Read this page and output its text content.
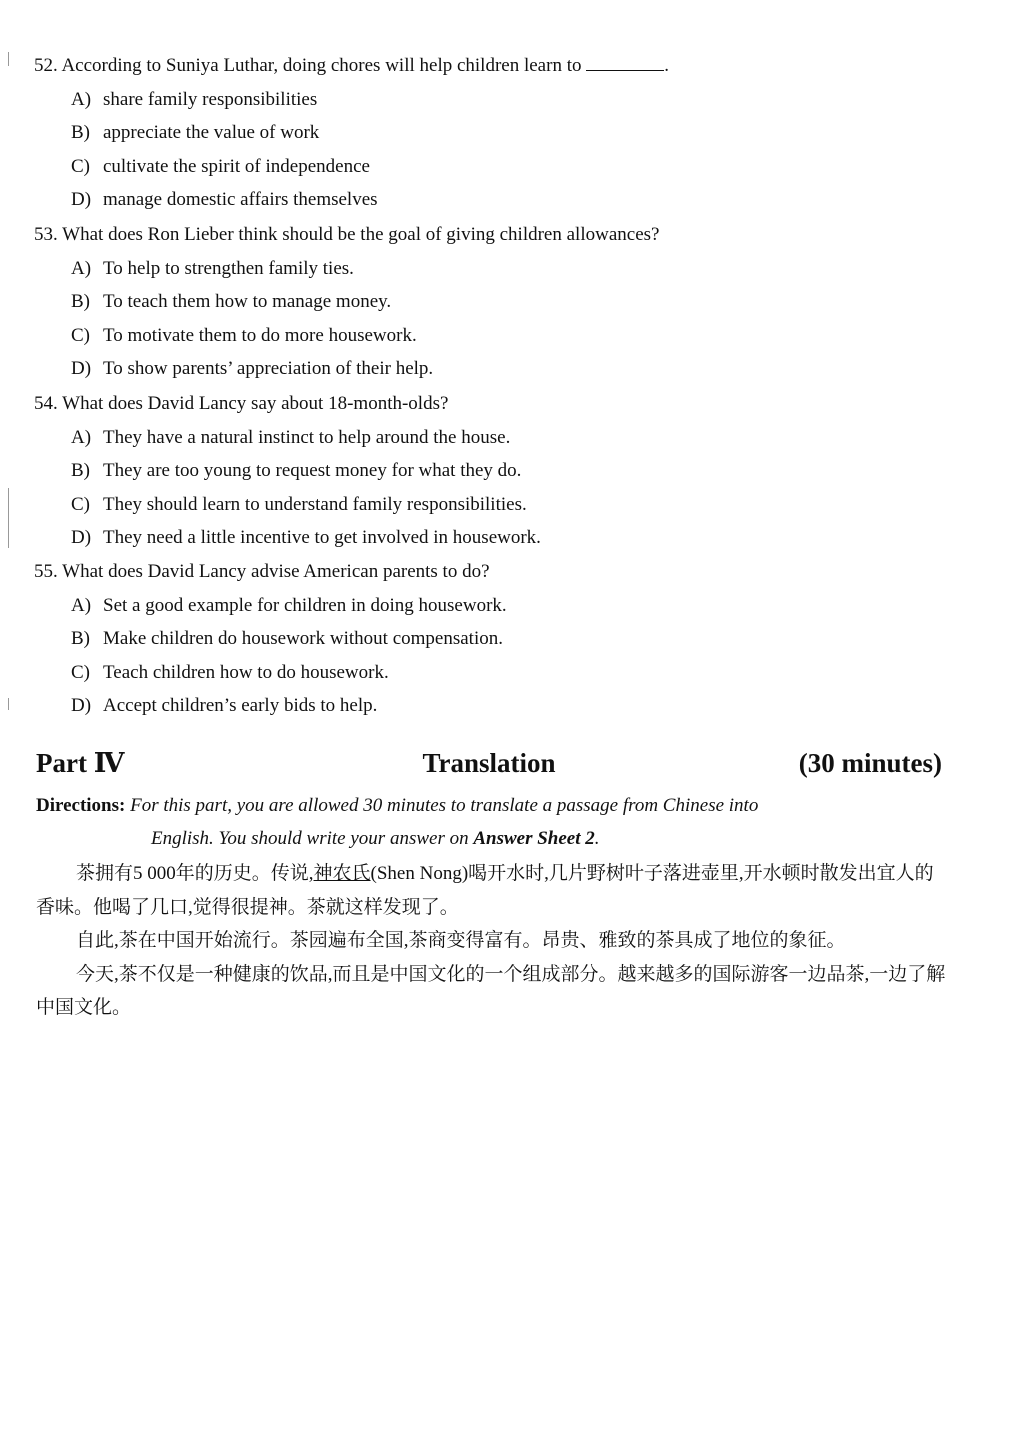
52. According to Suniya Luthar, doing chores will help children learn to	.
A) share family responsibilities
B) appreciate the value of work
C) cultivate the spirit of independence
D) manage domestic affairs themselves
53. What does Ron Lieber think should be the goal of giving children allowances?
A) To help to strengthen family ties.
B) To teach them how to manage money.
C) To motivate them to do more housework.
D) To show parents’ appreciation of their help.
54. What does David Lancy say about 18-month-olds?
A) They have a natural instinct to help around the house.
B) They are too young to request money for what they do.
C) They should learn to understand family responsibilities.
D) They need a little incentive to get involved in housework.
55. What does David Lancy advise American parents to do?
A) Set a good example for children in doing housework.
B) Make children do housework without compensation.
C) Teach children how to do housework.
D) Accept children’s early bids to help.
Part Ⅳ	Translation	(30 minutes)
Directions: For this part, you are allowed 30 minutes to translate a passage from Chinese into
English. You should write your answer on Answer Sheet 2.

茶拥有5 000年的历史。传说,神农氏(Shen Nong)喝开水时,几片野树叶子落进壶里,开水顿时散发出宜人的香味。他喝了几口,觉得很提神。茶就这样发现了。

自此,茶在中国开始流行。茶园遍布全国,茶商变得富有。昂贵、雅致的茶具成了地位的象征。

今天,茶不仅是一种健康的饮品,而且是中国文化的一个组成部分。越来越多的国际游客一边品茶,一边了解中国文化。
